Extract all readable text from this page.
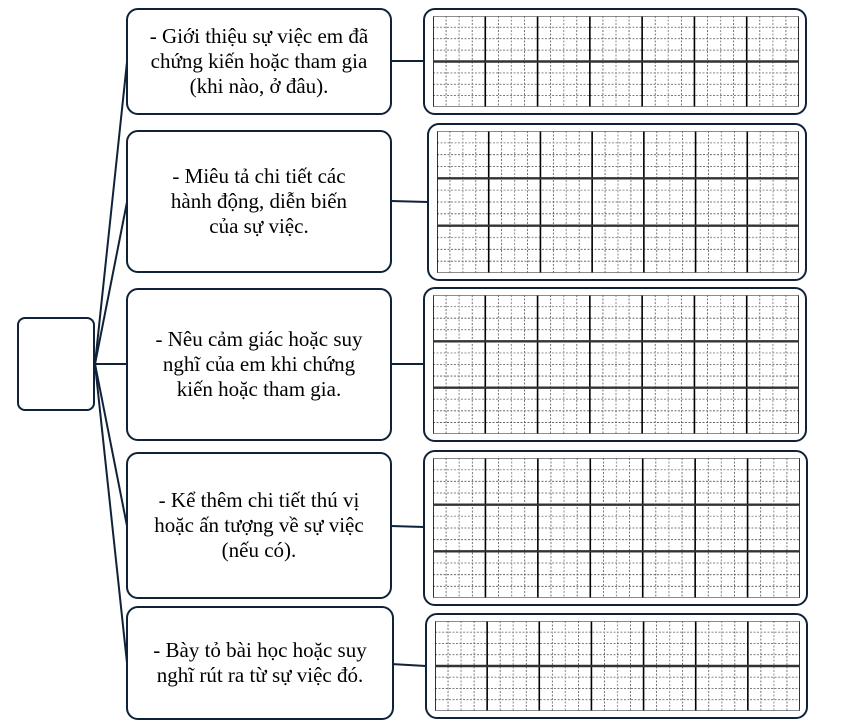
- Giới thiệu sự việc em đã
chứng kiến hoặc tham gia
(khi nào, ở đâu).
- Miêu tả chi tiết các
hành động, diễn biến
của sự việc.
- Nêu cảm giác hoặc suy
nghĩ của em khi chứng
kiến hoặc tham gia.
- Kể thêm chi tiết thú vị
hoặc ấn tượng về sự việc
(nếu có).
- Bày tỏ bài học hoặc suy
nghĩ rút ra từ sự việc đó.
